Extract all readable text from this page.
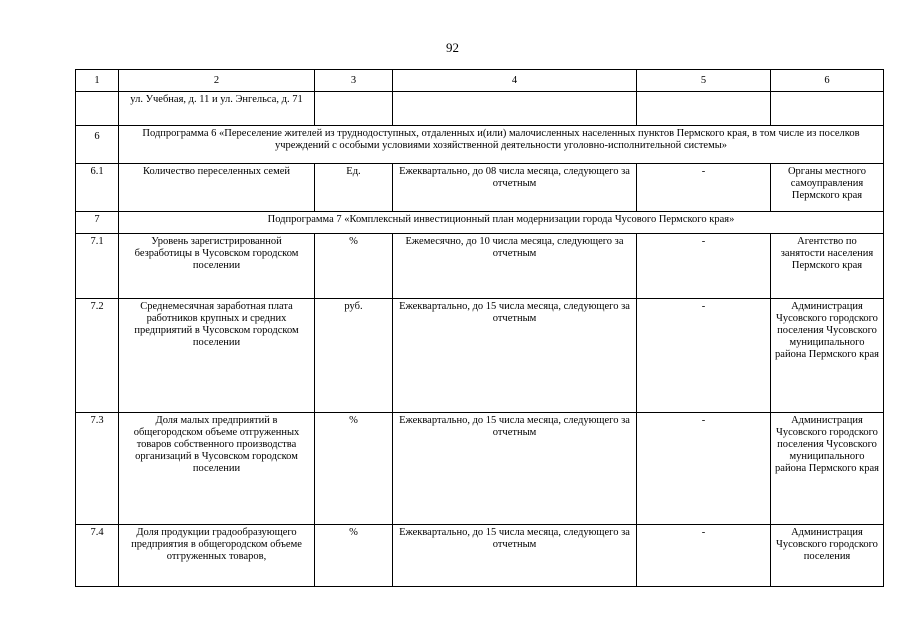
92
1	2	3	4	5	6
	ул. Учебная, д. 11 и ул. Энгельса, д. 71				
6	Подпрограмма 6 «Переселение жителей из труднодоступных, отдаленных и(или) малочисленных населенных пунктов Пермского края, в том числе из поселков учреждений с особыми условиями хозяйственной деятельности уголовно-исполнительной системы»				
6.1	Количество переселенных семей	Ед.	Ежеквартально, до 08 числа месяца, следующего за отчетным	-	Органы местного самоуправления Пермского края
7	Подпрограмма 7 «Комплексный инвестиционный план модернизации города Чусового Пермского края»				
7.1	Уровень зарегистрированной безработицы в Чусовском городском поселении	%	Ежемесячно, до 10 числа месяца, следующего за отчетным	-	Агентство по занятости населения Пермского края
7.2	Среднемесячная заработная плата работников крупных и средних предприятий в Чусовском городском поселении	руб.	Ежеквартально, до 15 числа месяца, следующего за отчетным	-	Администрация Чусовского городского поселения Чусовского муниципального района Пермского края
7.3	Доля малых предприятий в общегородском объеме отгруженных товаров собственного производства организаций в Чусовском городском поселении	%	Ежеквартально, до 15 числа месяца, следующего за отчетным	-	Администрация Чусовского городского поселения Чусовского муниципального района Пермского края
7.4	Доля продукции градообразующего предприятия в общегородском объеме отгруженных товаров,	%	Ежеквартально, до 15 числа месяца, следующего за отчетным	-	Администрация Чусовского городского поселения
